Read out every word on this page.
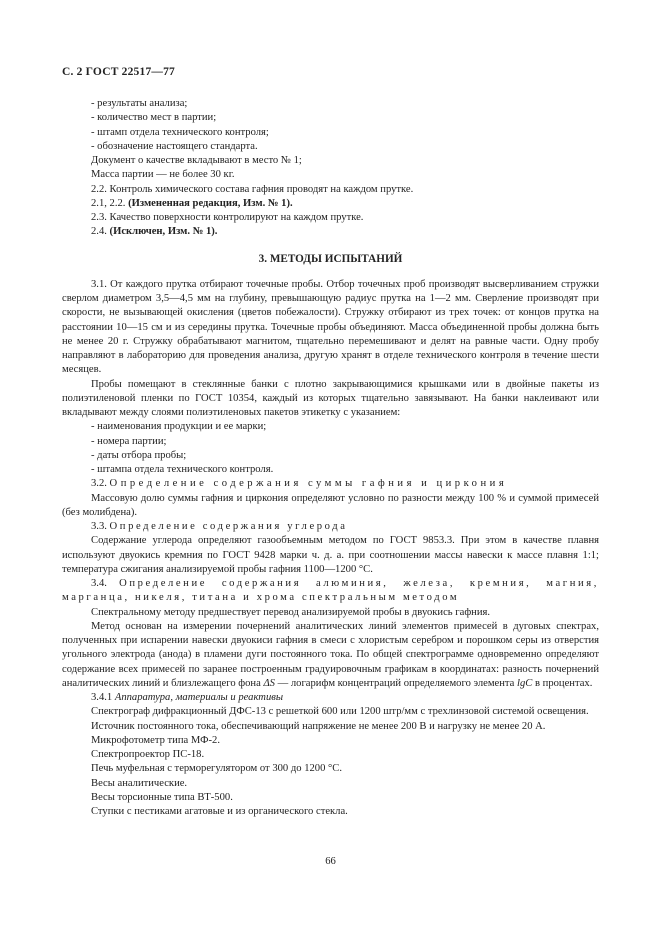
С. 2 ГОСТ 22517—77

- результаты анализа;

- количество мест в партии;

- штамп отдела технического контроля;

- обозначение настоящего стандарта.

Документ о качестве вкладывают в место № 1;

Масса партии — не более 30 кг.

2.2. Контроль химического состава гафния проводят на каждом прутке.

2.1, 2.2. (Измененная редакция, Изм. № 1).

2.3. Качество поверхности контролируют на каждом прутке.

2.4. (Исключен, Изм. № 1).

3. МЕТОДЫ ИСПЫТАНИЙ

3.1. От каждого прутка отбирают точечные пробы. Отбор точечных проб производят высверливанием стружки сверлом диаметром 3,5—4,5 мм на глубину, превышающую радиус прутка на 1—2 мм. Сверление производят при скорости, не вызывающей окисления (цветов побежалости). Стружку отбирают из трех точек: от концов прутка на расстоянии 10—15 см и из середины прутка. Точечные пробы объединяют. Масса объединенной пробы должна быть не менее 20 г. Стружку обрабатывают магнитом, тщательно перемешивают и делят на равные части. Одну пробу направляют в лабораторию для проведения анализа, другую хранят в отделе технического контроля в течение шести месяцев.

Пробы помещают в стеклянные банки с плотно закрывающимися крышками или в двойные пакеты из полиэтиленовой пленки по ГОСТ 10354, каждый из которых тщательно завязывают. На банки наклеивают или вкладывают между слоями полиэтиленовых пакетов этикетку с указанием:

- наименования продукции и ее марки;

- номера партии;

- даты отбора пробы;

- штампа отдела технического контроля.

3.2. Определение содержания суммы гафния и циркония

Массовую долю суммы гафния и циркония определяют условно по разности между 100 % и суммой примесей (без молибдена).

3.3. Определение содержания углерода

Содержание углерода определяют газообъемным методом по ГОСТ 9853.3. При этом в качестве плавня используют двуокись кремния по ГОСТ 9428 марки ч. д. а. при соотношении массы навески к массе плавня 1:1; температура сжигания анализируемой пробы гафния 1100—1200 °С.

3.4. Определение содержания алюминия, железа, кремния, магния, марганца, никеля, титана и хрома спектральным методом

Спектральному методу предшествует перевод анализируемой пробы в двуокись гафния.

Метод основан на измерении почернений аналитических линий элементов примесей в дуговых спектрах, полученных при испарении навески двуокиси гафния в смеси с хлористым серебром и порошком серы из отверстия угольного электрода (анода) в пламени дуги постоянного тока. По общей спектрограмме одновременно определяют содержание всех примесей по заранее построенным градуировочным графикам в координатах: разность почернений аналитических линий и близлежащего фона ΔS — логарифм концентраций определяемого элемента lgC в процентах.

3.4.1 Аппаратура, материалы и реактивы

Спектрограф дифракционный ДФС-13 с решеткой 600 или 1200 штр/мм с трехлинзовой системой освещения.

Источник постоянного тока, обеспечивающий напряжение не менее 200 В и нагрузку не менее 20 А.

Микрофотометр типа МФ-2.

Спектропроектор ПС-18.

Печь муфельная с терморегулятором от 300 до 1200 °С.

Весы аналитические.

Весы торсионные типа ВТ-500.

Ступки с пестиками агатовые и из органического стекла.

66
